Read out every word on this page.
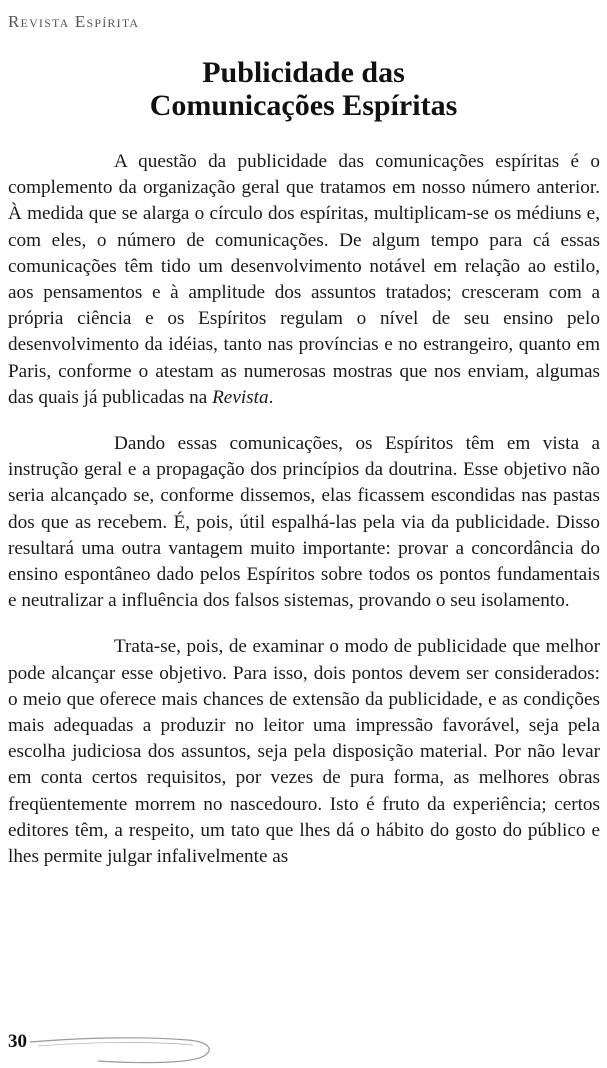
Revista Espírita
Publicidade das
Comunicações Espíritas

A questão da publicidade das comunicações espíritas é o complemento da organização geral que tratamos em nosso número anterior. À medida que se alarga o círculo dos espíritas, multiplicam-se os médiuns e, com eles, o número de comunicações. De algum tempo para cá essas comunicações têm tido um desenvolvimento notável em relação ao estilo, aos pensamentos e à amplitude dos assuntos tratados; cresceram com a própria ciência e os Espíritos regulam o nível de seu ensino pelo desenvolvimento da idéias, tanto nas províncias e no estrangeiro, quanto em Paris, conforme o atestam as numerosas mostras que nos enviam, algumas das quais já publicadas na Revista.

Dando essas comunicações, os Espíritos têm em vista a instrução geral e a propagação dos princípios da doutrina. Esse objetivo não seria alcançado se, conforme dissemos, elas ficassem escondidas nas pastas dos que as recebem. É, pois, útil espalhá-las pela via da publicidade. Disso resultará uma outra vantagem muito importante: provar a concordância do ensino espontâneo dado pelos Espíritos sobre todos os pontos fundamentais e neutralizar a influência dos falsos sistemas, provando o seu isolamento.

Trata-se, pois, de examinar o modo de publicidade que melhor pode alcançar esse objetivo. Para isso, dois pontos devem ser considerados: o meio que oferece mais chances de extensão da publicidade, e as condições mais adequadas a produzir no leitor uma impressão favorável, seja pela escolha judiciosa dos assuntos, seja pela disposição material. Por não levar em conta certos requisitos, por vezes de pura forma, as melhores obras freqüentemente morrem no nascedouro. Isto é fruto da experiência; certos editores têm, a respeito, um tato que lhes dá o hábito do gosto do público e lhes permite julgar infalivelmente as

30
